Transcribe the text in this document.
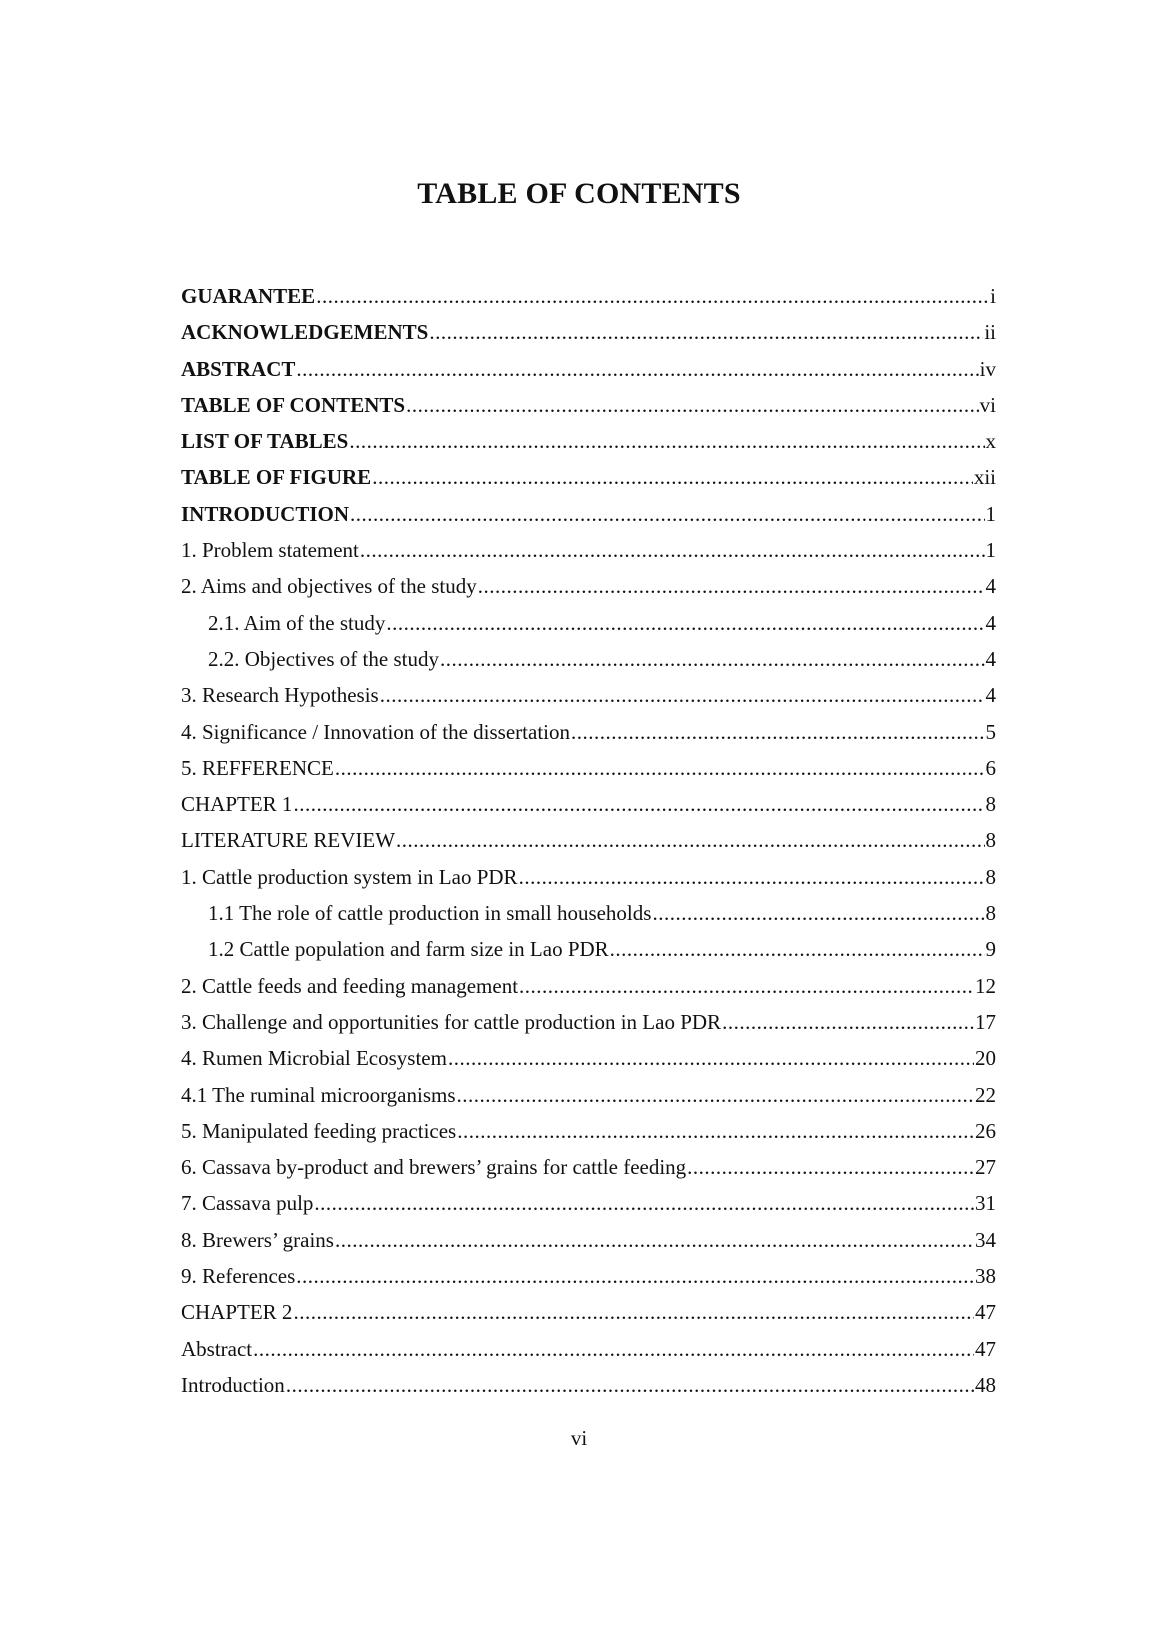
TABLE OF CONTENTS
GUARANTEE .....	i
ACKNOWLEDGEMENTS .....	ii
ABSTRACT .....	iv
TABLE OF CONTENTS .....	vi
LIST OF TABLES .....	x
TABLE OF FIGURE .....	xii
INTRODUCTION .....	1
1. Problem statement .....	1
2. Aims and objectives of the study .....	4
2.1. Aim of the study .....	4
2.2. Objectives of the study .....	4
3. Research Hypothesis .....	4
4. Significance / Innovation of the dissertation .....	5
5. REFFERENCE .....	6
CHAPTER 1 .....	8
LITERATURE REVIEW .....	8
1. Cattle production system in Lao PDR .....	8
1.1 The role of cattle production in small households .....	8
1.2 Cattle population and farm size in Lao PDR .....	9
2. Cattle feeds and feeding management .....	12
3. Challenge and opportunities for cattle production in Lao PDR .....	17
4. Rumen Microbial Ecosystem .....	20
4.1 The ruminal microorganisms .....	22
5. Manipulated feeding practices .....	26
6. Cassava by-product and brewers’ grains for cattle feeding .....	27
7. Cassava pulp .....	31
8. Brewers’ grains .....	34
9. References .....	38
CHAPTER 2 .....	47
Abstract .....	47
Introduction .....	48
vi
